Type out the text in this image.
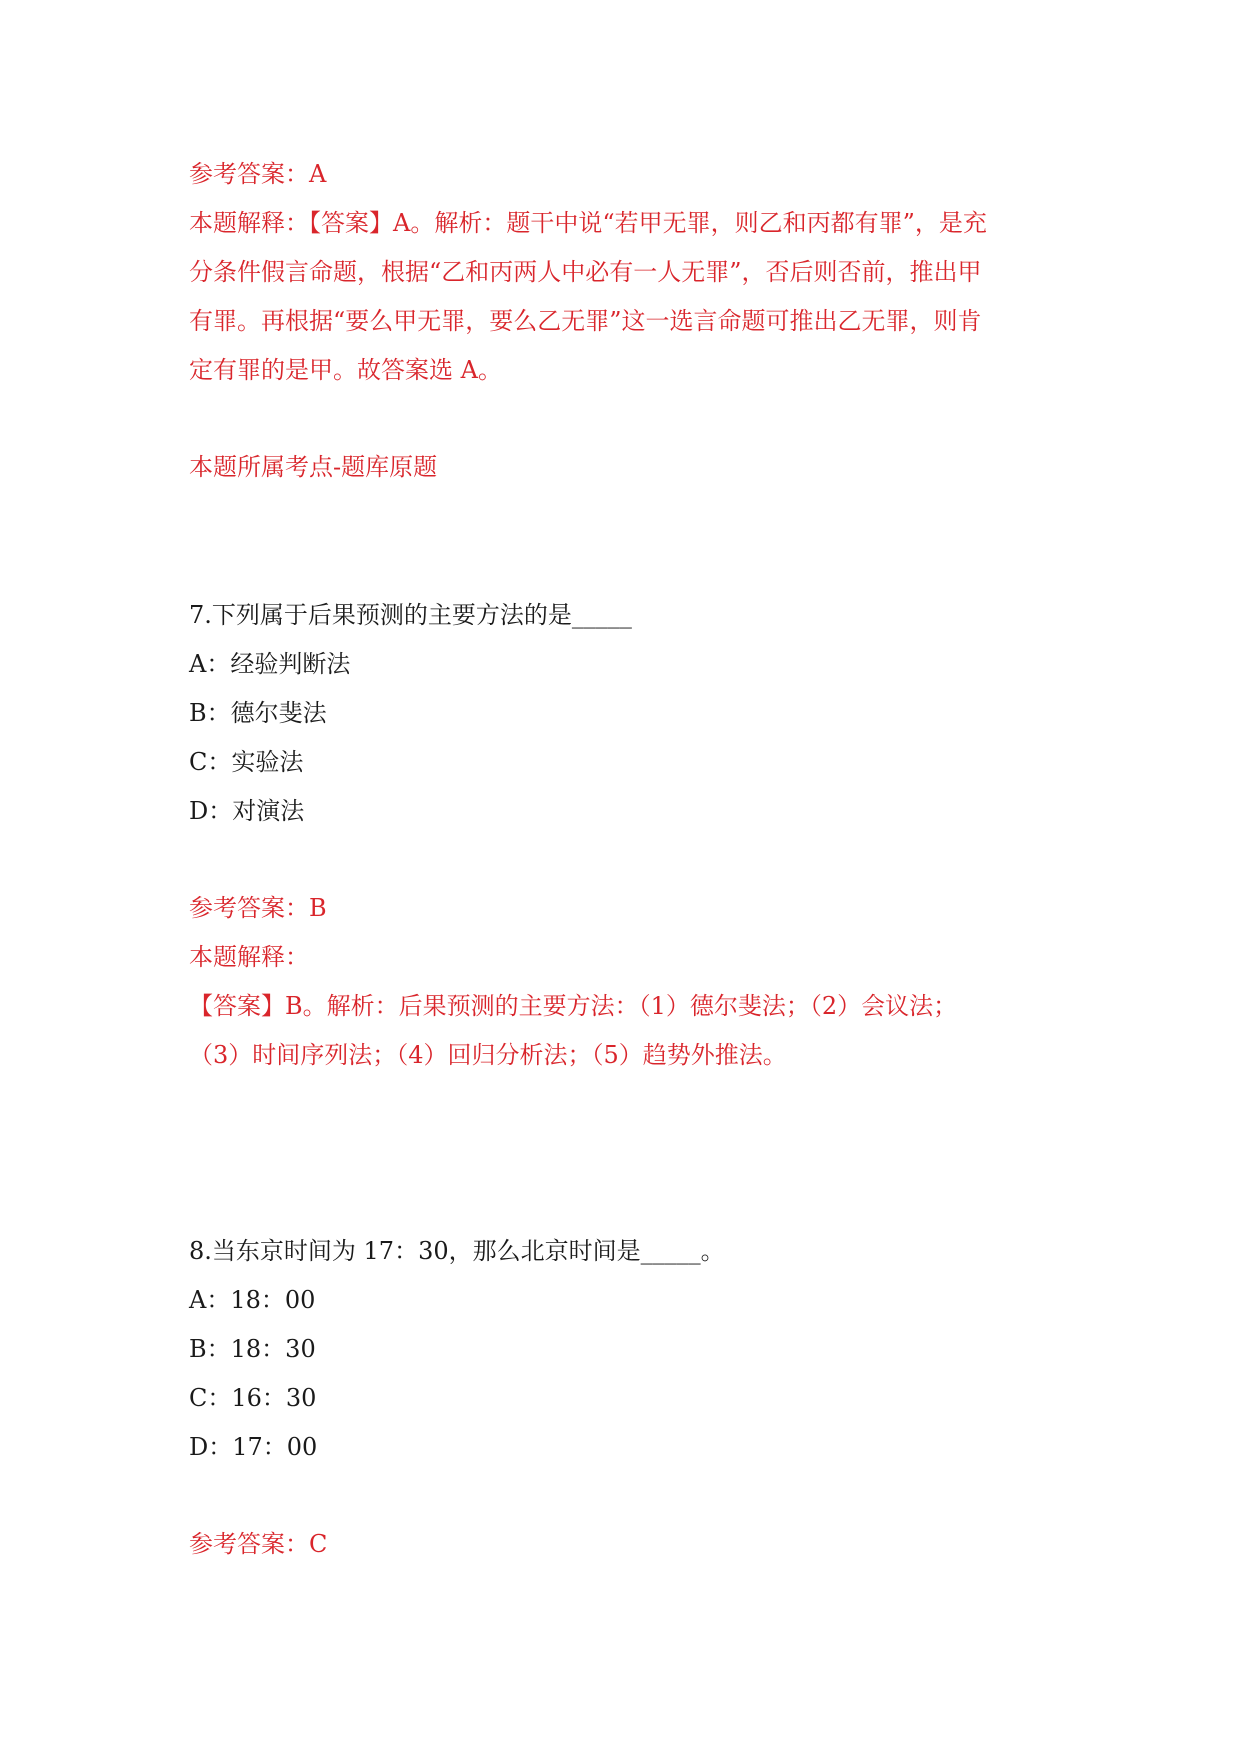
参考答案：A
本题解释：【答案】A。解析：题干中说“若甲无罪，则乙和丙都有罪”，是充
分条件假言命题，根据“乙和丙两人中必有一人无罪”，否后则否前，推出甲
有罪。再根据“要么甲无罪，要么乙无罪”这一选言命题可推出乙无罪，则肯
定有罪的是甲。故答案选 A。
本题所属考点-题库原题
7.下列属于后果预测的主要方法的是_____
A：经验判断法
B：德尔斐法
C：实验法
D：对演法
参考答案：B
本题解释：
【答案】B。解析：后果预测的主要方法：（1）德尔斐法；（2）会议法；
（3）时间序列法；（4）回归分析法；（5）趋势外推法。
8.当东京时间为 17：30，那么北京时间是_____。
A：18：00
B：18：30
C：16：30
D：17：00
参考答案：C
